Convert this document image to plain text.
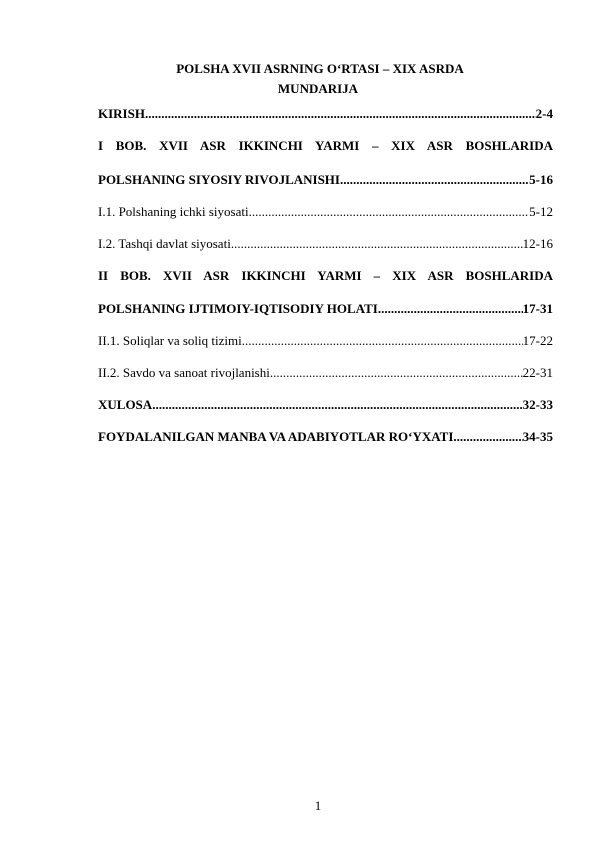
POLSHA XVII ASRNING O‘RTASI – XIX ASRDA
MUNDARIJA
KIRISH .....	2-4
I BOB. XVII ASR IKKINCHI YARMI – XIX ASR BOSHLARIDA
POLSHANING SIYOSIY RIVOJLANISHI .....	5-16
I.1. Polshaning ichki siyosati .....	5-12
I.2. Tashqi davlat siyosati .....	12-16
II BOB. XVII ASR IKKINCHI YARMI – XIX ASR BOSHLARIDA
POLSHANING IJTIMOIY-IQTISODIY HOLATI .....	17-31
II.1. Soliqlar va soliq tizimi .....	17-22
II.2. Savdo va sanoat rivojlanishi .....	22-31
XULOSA .....	32-33
FOYDALANILGAN MANBA VA ADABIYOTLAR RO‘YXATI .....	34-35
1
